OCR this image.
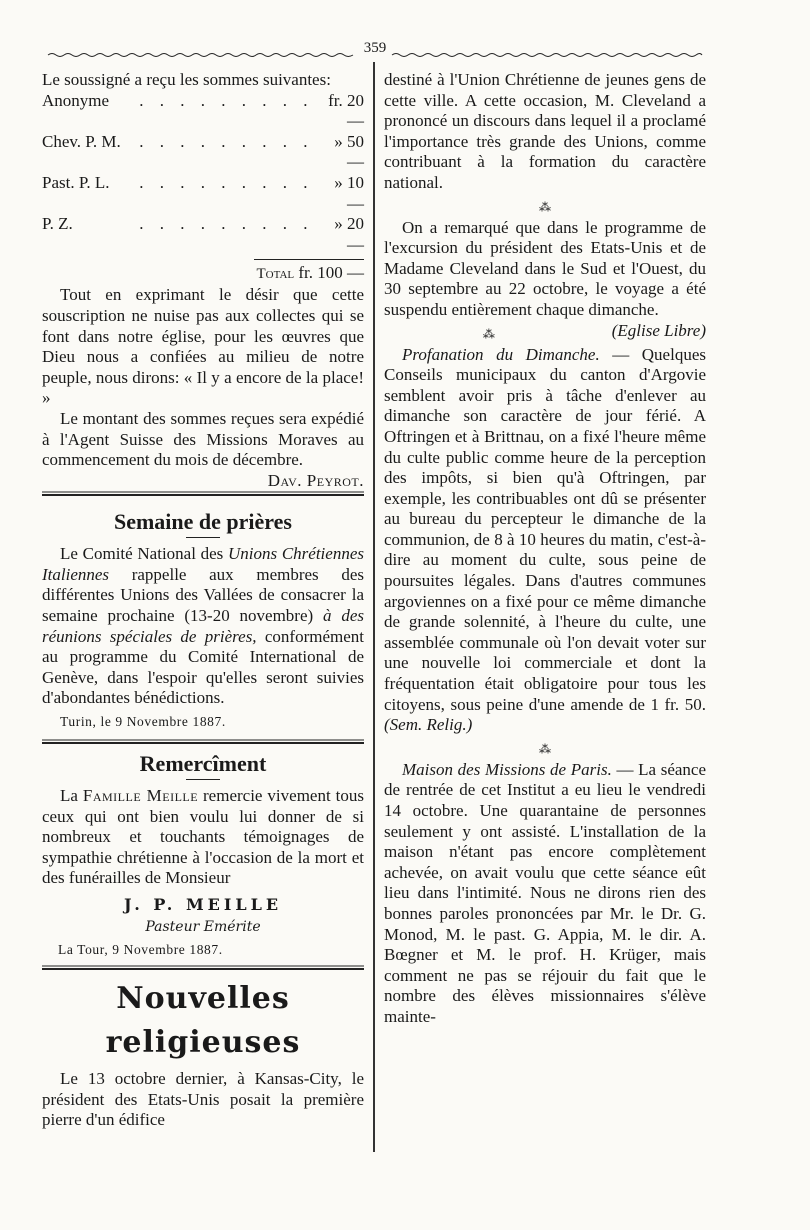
359

Le soussigné a reçu les sommes suivantes:

Anonyme	. . . . . . . . . fr. 20 —
Chev. P. M.	. . . . . . . . .	» 50 —
Past. P. L.	. . . . . . . . .	» 10 —
P. Z.	. . . . . . . . .	» 20 —
Total fr. 100 —

Tout en exprimant le désir que cette souscription ne nuise pas aux collectes qui se font dans notre église, pour les œuvres que Dieu nous a confiées au milieu de notre peuple, nous dirons: « Il y a encore de la place! »

Le montant des sommes reçues sera expédié à l'Agent Suisse des Missions Moraves au commencement du mois de décembre.
Dav. Peyrot.

Semaine de prières

Le Comité National des Unions Chrétiennes Italiennes rappelle aux membres des différentes Unions des Vallées de consacrer la semaine prochaine (13-20 novembre) à des réunions spéciales de prières, conformément au programme du Comité International de Genève, dans l'espoir qu'elles seront suivies d'abondantes bénédictions.

Turin, le 9 Novembre 1887.
Remercîment

La Famille Meille remercie vivement tous ceux qui ont bien voulu lui donner de si nombreux et touchants témoignages de sympathie chrétienne à l'occasion de la mort et des funérailles de Monsieur

J. P. MEILLE
Pasteur Emérite
La Tour, 9 Novembre 1887.
Nouvelles religieuses

Le 13 octobre dernier, à Kansas-City, le président des Etats-Unis posait la première pierre d'un édifice

destiné à l'Union Chrétienne de jeunes gens de cette ville. A cette occasion, M. Cleveland a prononcé un discours dans lequel il a proclamé l'importance très grande des Unions, comme contribuant à la formation du caractère national.

⁂

On a remarqué que dans le programme de l'excursion du président des Etats-Unis et de Madame Cleveland dans le Sud et l'Ouest, du 30 septembre au 22 octobre, le voyage a été suspendu entièrement chaque dimanche.
(Eglise Libre)

⁂

Profanation du Dimanche. — Quelques Conseils municipaux du canton d'Argovie semblent avoir pris à tâche d'enlever au dimanche son caractère de jour férié. A Oftringen et à Brittnau, on a fixé l'heure même du culte public comme heure de la perception des impôts, si bien qu'à Oftringen, par exemple, les contribuables ont dû se présenter au bureau du percepteur le dimanche de la communion, de 8 à 10 heures du matin, c'est-à-dire au moment du culte, sous peine de poursuites légales. Dans d'autres communes argoviennes on a fixé pour ce même dimanche de grande solennité, à l'heure du culte, une assemblée communale où l'on devait voter sur une nouvelle loi commerciale et dont la fréquentation était obligatoire pour tous les citoyens, sous peine d'une amende de 1 fr. 50. (Sem. Relig.)

⁂

Maison des Missions de Paris. — La séance de rentrée de cet Institut a eu lieu le vendredi 14 octobre. Une quarantaine de personnes seulement y ont assisté. L'installation de la maison n'étant pas encore complètement achevée, on avait voulu que cette séance eût lieu dans l'intimité. Nous ne dirons rien des bonnes paroles prononcées par Mr. le Dr. G. Monod, M. le past. G. Appia, M. le dir. A. Bœgner et M. le prof. H. Krüger, mais comment ne pas se réjouir du fait que le nombre des élèves missionnaires s'élève mainte-
